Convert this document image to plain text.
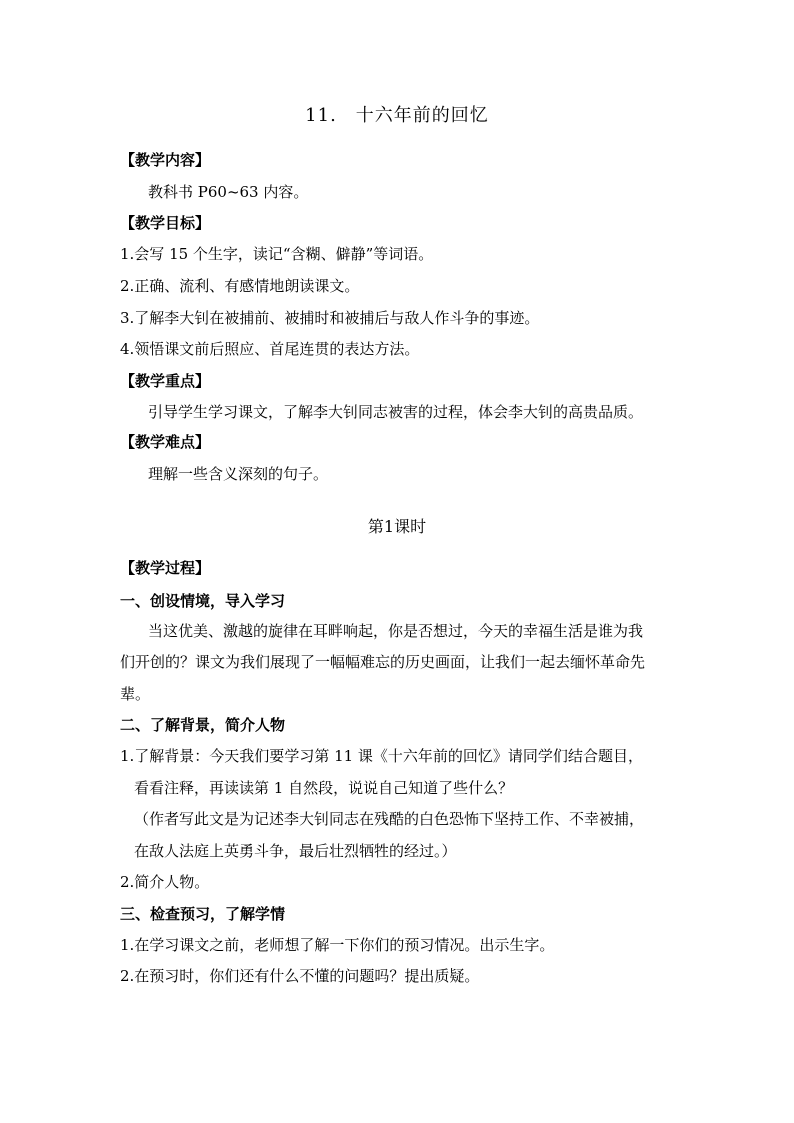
11.　十六年前的回忆
【教学内容】
教科书 P60~63 内容。
【教学目标】
1.会写 15 个生字，读记“含糊、僻静”等词语。
2.正确、流利、有感情地朗读课文。
3.了解李大钊在被捕前、被捕时和被捕后与敌人作斗争的事迹。
4.领悟课文前后照应、首尾连贯的表达方法。
【教学重点】
引导学生学习课文，了解李大钊同志被害的过程，体会李大钊的高贵品质。
【教学难点】
理解一些含义深刻的句子。
第1课时
【教学过程】
一、创设情境，导入学习
当这优美、激越的旋律在耳畔响起，你是否想过，今天的幸福生活是谁为我
们开创的？课文为我们展现了一幅幅难忘的历史画面，让我们一起去缅怀革命先
辈。
二、了解背景，简介人物
1.了解背景：今天我们要学习第 11 课《十六年前的回忆》请同学们结合题目，
看看注释，再读读第 1 自然段，说说自己知道了些什么？
（作者写此文是为记述李大钊同志在残酷的白色恐怖下坚持工作、不幸被捕，
在敌人法庭上英勇斗争，最后壮烈牺牲的经过。）
2.简介人物。
三、检查预习，了解学情
1.在学习课文之前，老师想了解一下你们的预习情况。出示生字。
2.在预习时，你们还有什么不懂的问题吗？提出质疑。
